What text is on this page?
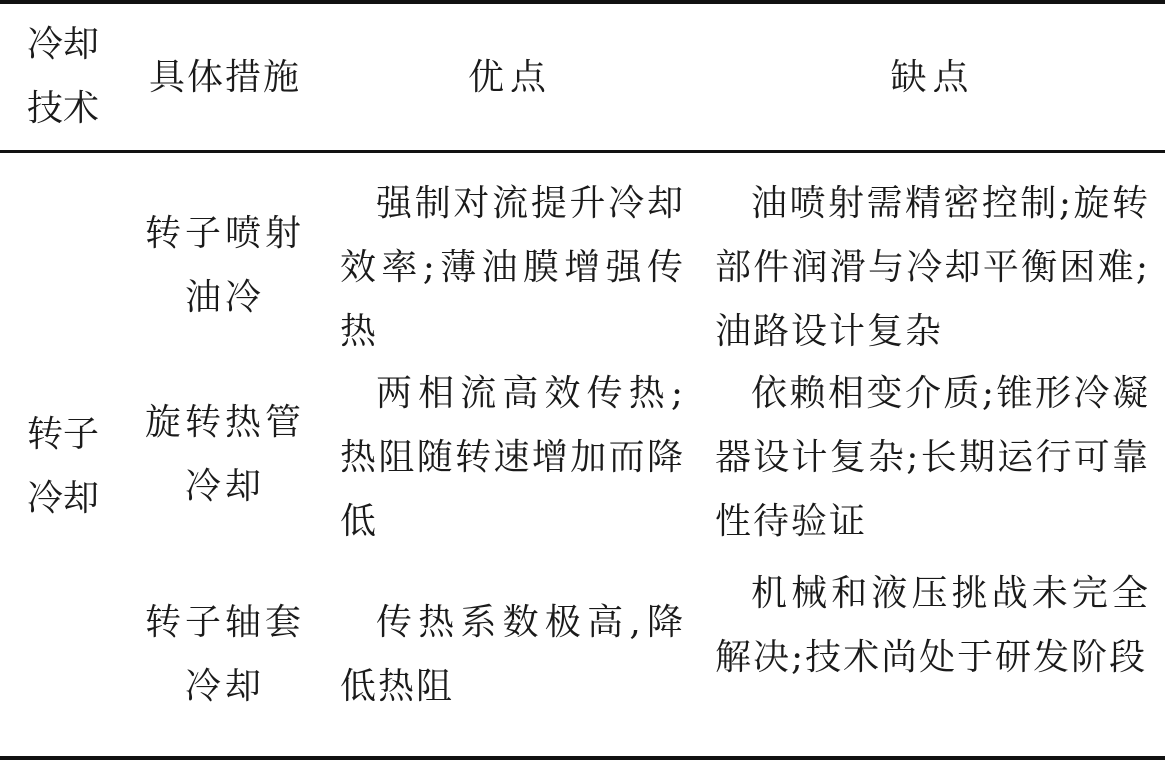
冷却技术
具体措施	优点	缺点
转子冷却
转子喷射油冷
强制对流提升冷却效率;薄油膜增强传热
油喷射需精密控制;旋转部件润滑与冷却平衡困难;油路设计复杂
旋转热管冷却
两相流高效传热;热阻随转速增加而降低
依赖相变介质;锥形冷凝器设计复杂;长期运行可靠性待验证
转子轴套冷却
传热系数极高,降低热阻
机械和液压挑战未完全解决;技术尚处于研发阶段
